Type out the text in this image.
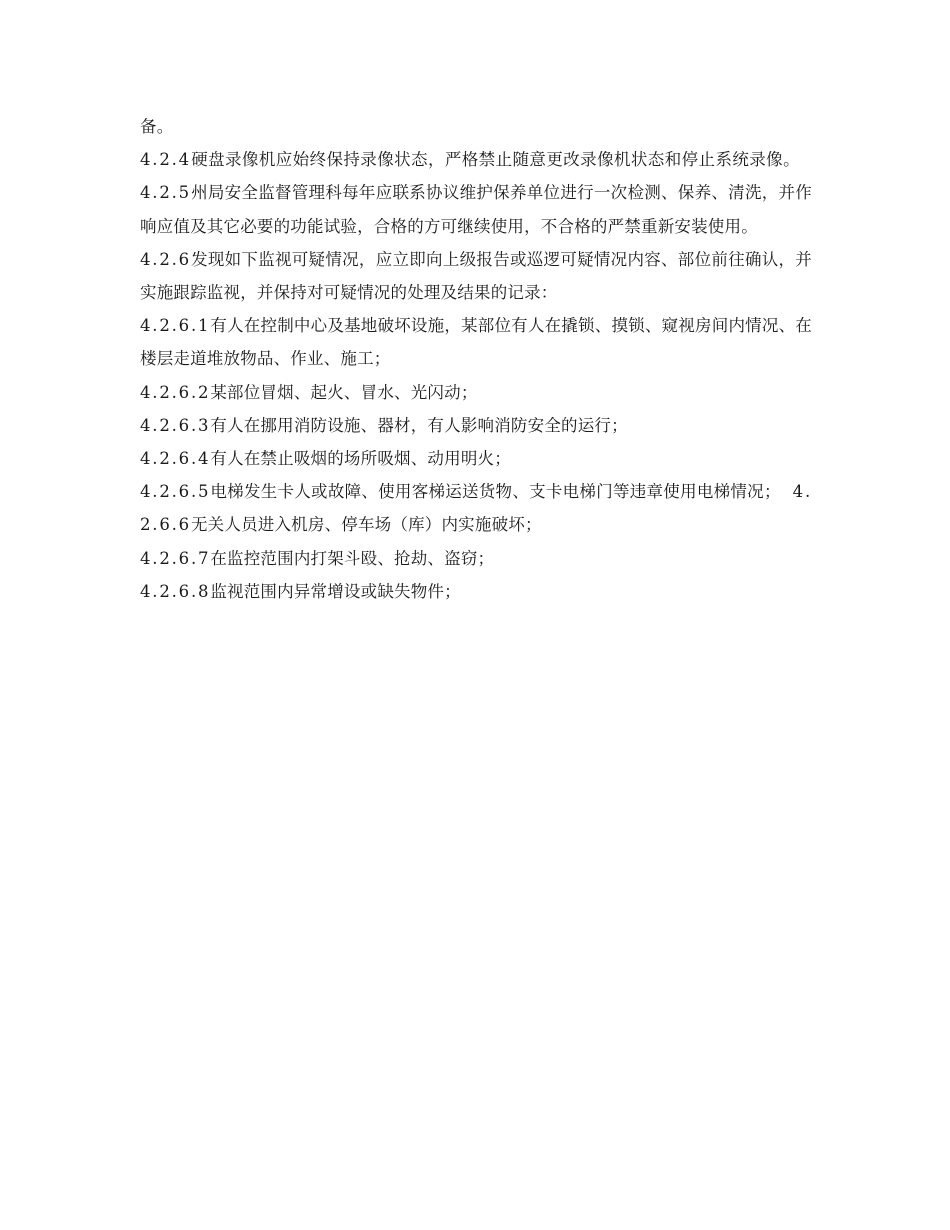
备。

4.2.4硬盘录像机应始终保持录像状态，严格禁止随意更改录像机状态和停止系统录像。4.2.5州局安全监督管理科每年应联系协议维护保养单位进行一次检测、保养、清洗，并作响应值及其它必要的功能试验，合格的方可继续使用，不合格的严禁重新安装使用。

4.2.6发现如下监视可疑情况，应立即向上级报告或巡逻可疑情况内容、部位前往确认，并实施跟踪监视，并保持对可疑情况的处理及结果的记录：

4.2.6.1有人在控制中心及基地破坏设施，某部位有人在撬锁、摸锁、窥视房间内情况、在楼层走道堆放物品、作业、施工；

4.2.6.2某部位冒烟、起火、冒水、光闪动；

4.2.6.3有人在挪用消防设施、器材，有人影响消防安全的运行；

4.2.6.4有人在禁止吸烟的场所吸烟、动用明火；

4.2.6.5电梯发生卡人或故障、使用客梯运送货物、支卡电梯门等违章使用电梯情况； 4.2.6.6无关人员进入机房、停车场（库）内实施破坏；

4.2.6.7在监控范围内打架斗殴、抢劫、盗窃；

4.2.6.8监视范围内异常增设或缺失物件；
